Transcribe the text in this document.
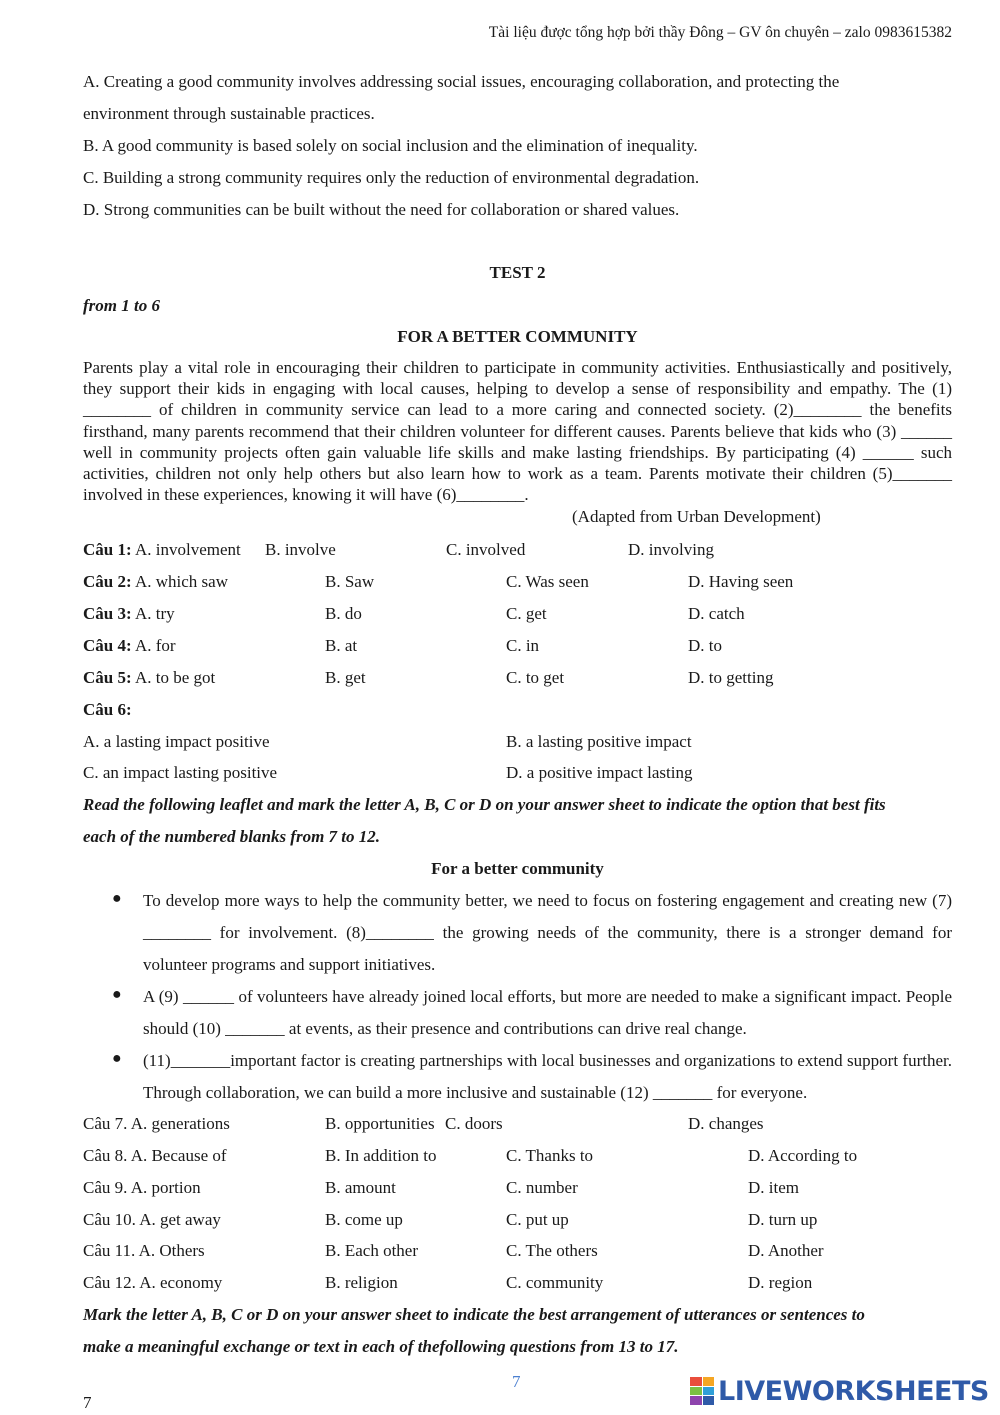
Tài liệu được tổng hợp bởi thầy Đông – GV ôn chuyên – zalo 0983615382
A. Creating a good community involves addressing social issues, encouraging collaboration, and protecting the
environment through sustainable practices.
B. A good community is based solely on social inclusion and the elimination of inequality.
C. Building a strong community requires only the reduction of environmental degradation.
D. Strong communities can be built without the need for collaboration or shared values.
TEST 2
from 1 to 6
FOR A BETTER COMMUNITY
Parents play a vital role in encouraging their children to participate in community activities. Enthusiastically and positively, they support their kids in engaging with local causes, helping to develop a sense of responsibility and empathy. The (1) ________ of children in community service can lead to a more caring and connected society. (2)________ the benefits firsthand, many parents recommend that their children volunteer for different causes. Parents believe that kids who (3) ______ well in community projects often gain valuable life skills and make lasting friendships. By participating (4) ______ such activities, children not only help others but also learn how to work as a team. Parents motivate their children (5)_______ involved in these experiences, knowing it will have (6)________.
(Adapted from Urban Development)
Câu 1: A. involvement B. involve	C. involved	D. involving
Câu 2: A. which saw	B. Saw	C. Was seen	D. Having seen
Câu 3: A. try	B. do	C. get	D. catch
Câu 4: A. for	B. at	C. in	D. to
Câu 5: A. to be got	B. get	C. to get	D. to getting
Câu 6:
A. a lasting impact positive	B. a lasting positive impact
C. an impact lasting positive	D. a positive impact lasting
Read the following leaflet and mark the letter A, B, C or D on your answer sheet to indicate the option that best fits
each of the numbered blanks from 7 to 12.
For a better community
● To develop more ways to help the community better, we need to focus on fostering engagement and creating new (7) ________ for involvement. (8)________ the growing needs of the community, there is a stronger demand for volunteer programs and support initiatives.
● A (9) ______ of volunteers have already joined local efforts, but more are needed to make a significant impact. People should (10) _______ at events, as their presence and contributions can drive real change.
● (11)_______important factor is creating partnerships with local businesses and organizations to extend support further. Through collaboration, we can build a more inclusive and sustainable (12) _______ for everyone.
Câu 7. A. generations	B. opportunities C. doors	D. changes
Câu 8. A. Because of	B. In addition to	C. Thanks to	D. According to
Câu 9. A. portion	B. amount	C. number	D. item
Câu 10. A. get away	B. come up	C. put up	D. turn up
Câu 11. A. Others	B. Each other	C. The others	D. Another
Câu 12. A. economy	B. religion	C. community	D. region
Mark the letter A, B, C or D on your answer sheet to indicate the best arrangement of utterances or sentences to
make a meaningful exchange or text in each of thefollowing questions from 13 to 17.
7
7	LIVEWORKSHEETS
